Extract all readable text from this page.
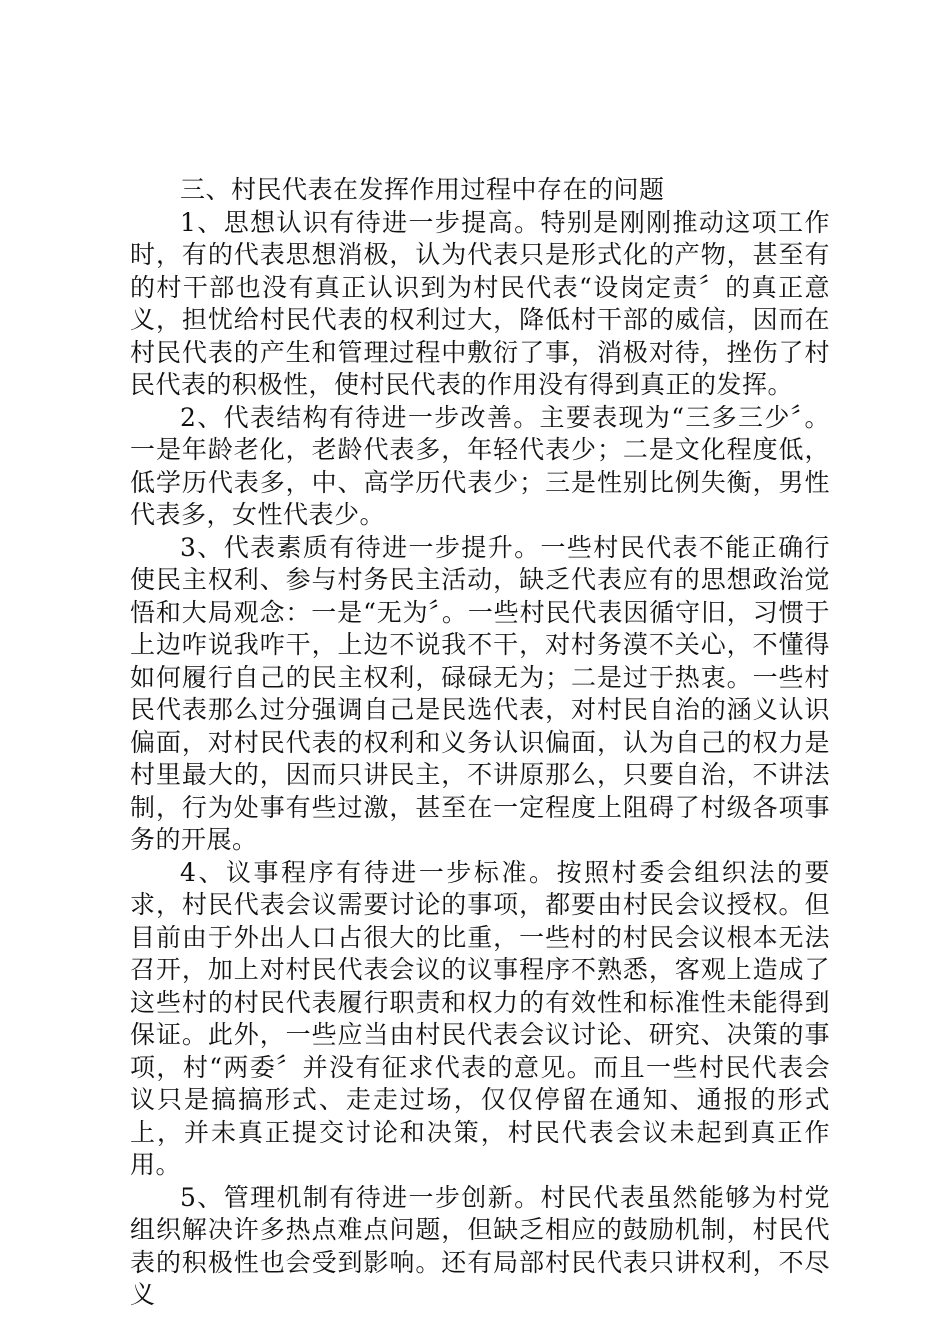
三、村民代表在发挥作用过程中存在的问题

1、思想认识有待进一步提高。特别是刚刚推动这项工作时，有的代表思想消极，认为代表只是形式化的产物，甚至有的村干部也没有真正认识到为村民代表“设岗定责〞的真正意义，担忧给村民代表的权利过大，降低村干部的威信，因而在村民代表的产生和管理过程中敷衍了事，消极对待，挫伤了村民代表的积极性，使村民代表的作用没有得到真正的发挥。

2、代表结构有待进一步改善。主要表现为“三多三少〞。一是年龄老化，老龄代表多，年轻代表少；二是文化程度低，低学历代表多，中、高学历代表少；三是性别比例失衡，男性代表多，女性代表少。

3、代表素质有待进一步提升。一些村民代表不能正确行使民主权利、参与村务民主活动，缺乏代表应有的思想政治觉悟和大局观念：一是“无为〞。一些村民代表因循守旧，习惯于上边咋说我咋干，上边不说我不干，对村务漠不关心，不懂得如何履行自己的民主权利，碌碌无为；二是过于热衷。一些村民代表那么过分强调自己是民选代表，对村民自治的涵义认识偏面，对村民代表的权利和义务认识偏面，认为自己的权力是村里最大的，因而只讲民主，不讲原那么，只要自治，不讲法制，行为处事有些过激，甚至在一定程度上阻碍了村级各项事务的开展。

4、议事程序有待进一步标准。按照村委会组织法的要求，村民代表会议需要讨论的事项，都要由村民会议授权。但目前由于外出人口占很大的比重，一些村的村民会议根本无法召开，加上对村民代表会议的议事程序不熟悉，客观上造成了这些村的村民代表履行职责和权力的有效性和标准性未能得到保证。此外，一些应当由村民代表会议讨论、研究、决策的事项，村“两委〞并没有征求代表的意见。而且一些村民代表会议只是搞搞形式、走走过场，仅仅停留在通知、通报的形式上，并未真正提交讨论和决策，村民代表会议未起到真正作用。

5、管理机制有待进一步创新。村民代表虽然能够为村党组织解决许多热点难点问题，但缺乏相应的鼓励机制，村民代表的积极性也会受到影响。还有局部村民代表只讲权利，不尽义
